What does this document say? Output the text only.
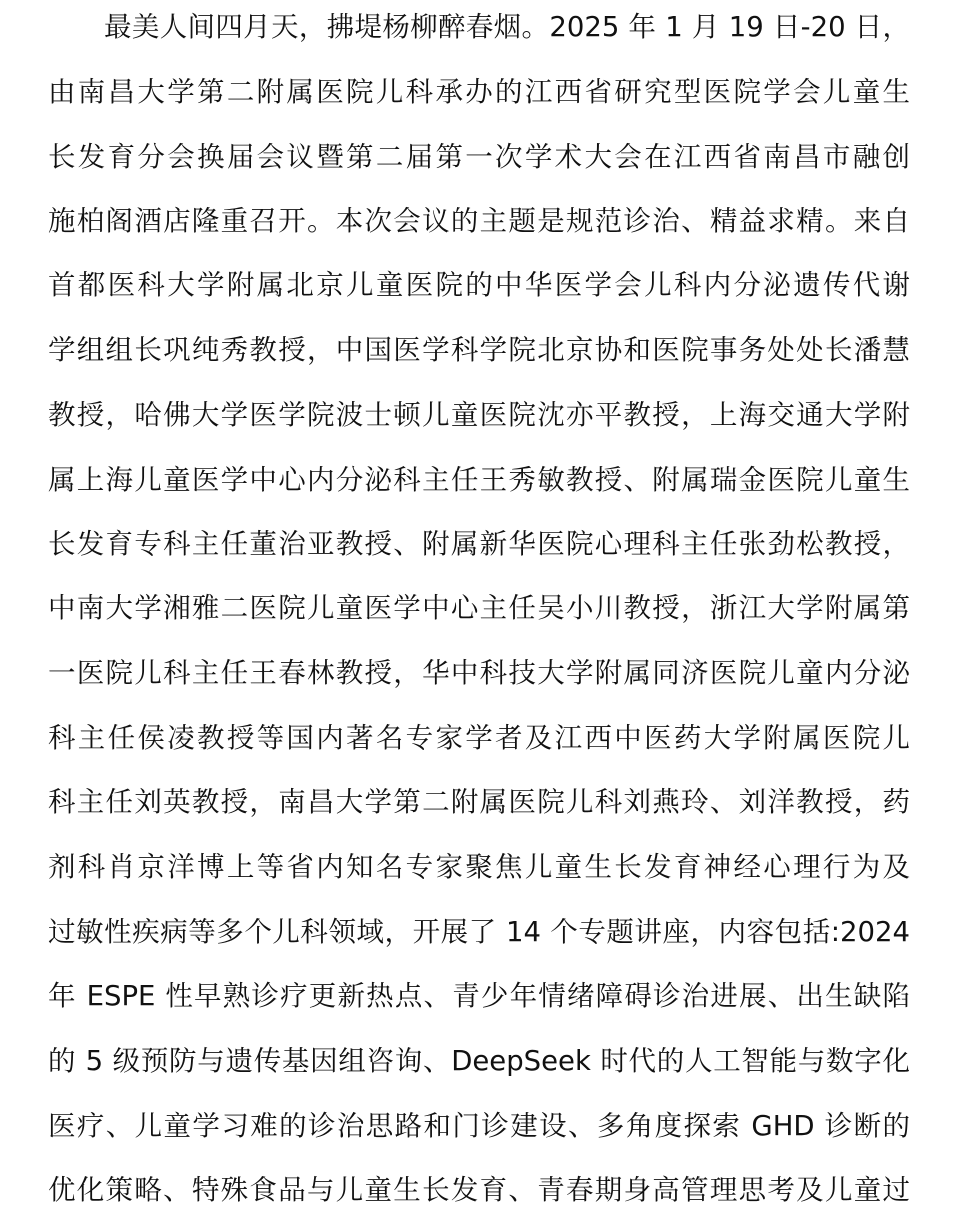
最美人间四月天，拂堤杨柳醉春烟。2025 年 1 月 19 日-20 日，
由南昌大学第二附属医院儿科承办的江西省研究型医院学会儿童生
长发育分会换届会议暨第二届第一次学术大会在江西省南昌市融创
施柏阁酒店隆重召开。本次会议的主题是规范诊治、精益求精。来自
首都医科大学附属北京儿童医院的中华医学会儿科内分泌遗传代谢
学组组长巩纯秀教授，中国医学科学院北京协和医院事务处处长潘慧
教授，哈佛大学医学院波士顿儿童医院沈亦平教授，上海交通大学附
属上海儿童医学中心内分泌科主任王秀敏教授、附属瑞金医院儿童生
长发育专科主任董治亚教授、附属新华医院心理科主任张劲松教授，
中南大学湘雅二医院儿童医学中心主任吴小川教授，浙江大学附属第
一医院儿科主任王春林教授，华中科技大学附属同济医院儿童内分泌
科主任侯凌教授等国内著名专家学者及江西中医药大学附属医院儿
科主任刘英教授，南昌大学第二附属医院儿科刘燕玲、刘洋教授，药
剂科肖京洋博上等省内知名专家聚焦儿童生长发育神经心理行为及
过敏性疾病等多个儿科领域，开展了 14 个专题讲座，内容包括:2024
年 ESPE 性早熟诊疗更新热点、青少年情绪障碍诊治进展、出生缺陷
的 5 级预防与遗传基因组咨询、DeepSeek 时代的人工智能与数字化
医疗、儿童学习难的诊治思路和门诊建设、多角度探索 GHD 诊断的
优化策略、特殊食品与儿童生长发育、青春期身高管理思考及儿童过
